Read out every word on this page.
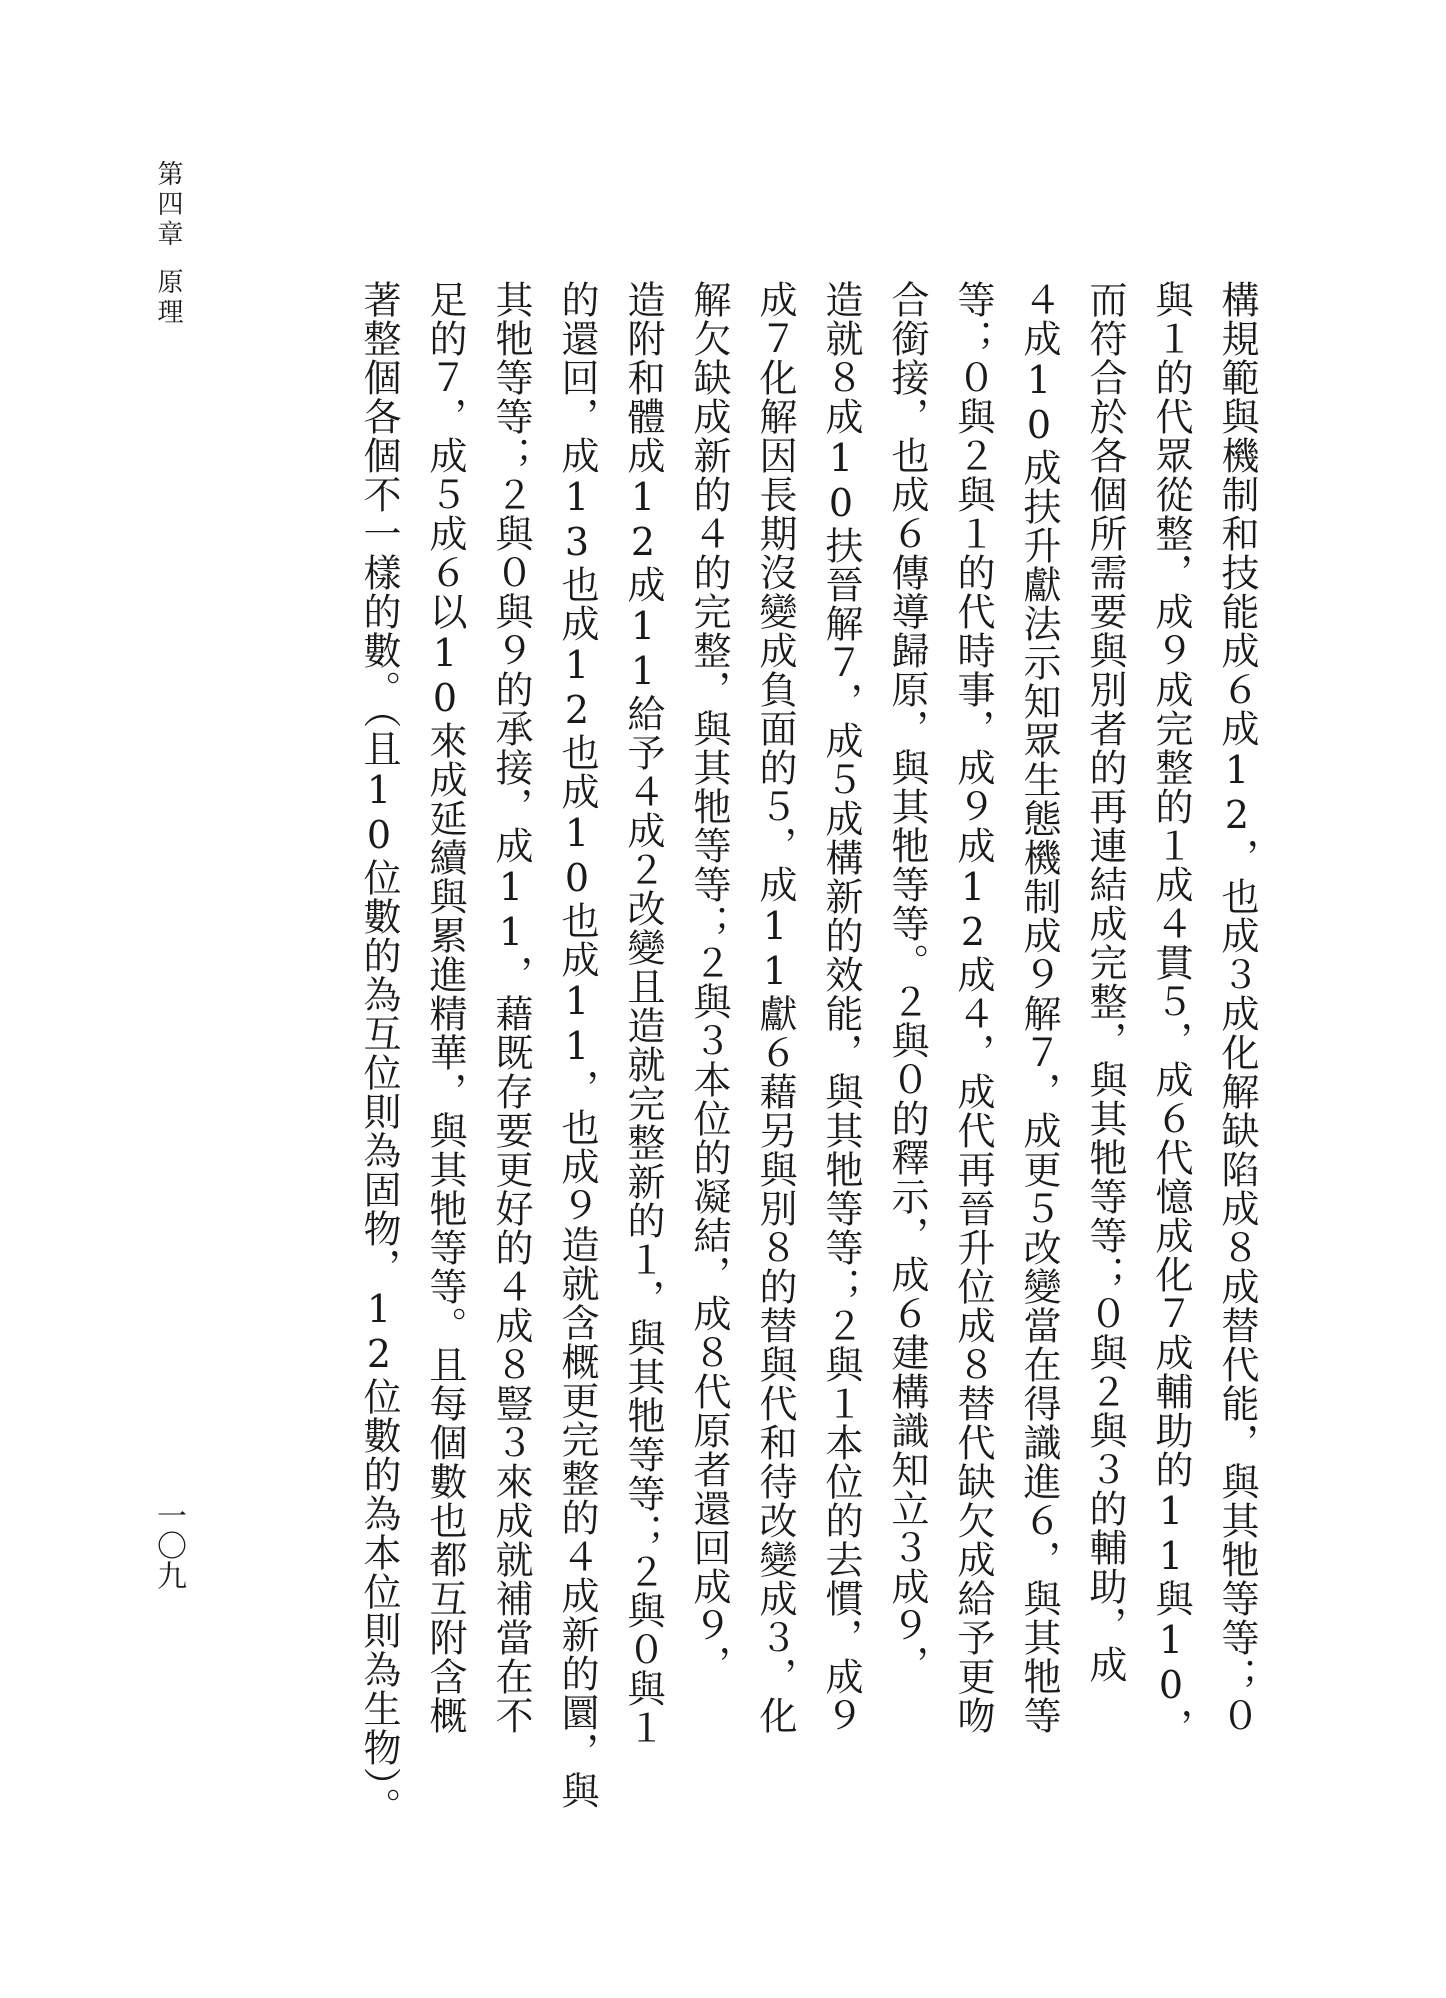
第四章
原理	構規範與機制和技能成６成12，也成３成化解缺陷成８成替代能，與其牠等等；０
與１的代眾從整，成９成完整的１成４貫５，成６代憶成化７成輔助的11與10，
而符合於各個所需要與別者的再連結成完整，與其牠等等；０與２與３的輔助，成
４成10成扶升獻法示知眾生態機制成９解７，成更５改變當在得識進６，與其牠等
等；０與２與１的代時事，成９成12成４，成代再晉升位成８替代缺欠成給予更吻
合銜接，也成６傳導歸原，與其牠等等。２與０的釋示，成６建構識知立３成９，
造就８成10扶晉解７，成５成構新的效能，與其牠等等；２與１本位的去慣，成９
成７化解因長期沒變成負面的５，成11獻６藉另與別８的替與代和待改變成３，化
解欠缺成新的４的完整，與其牠等等；２與３本位的凝結，成８代原者還回成９，
造附和體成12成11給予４成２改變且造就完整新的１，與其牠等等；２與０與１
的還回，成13也成12也成10也成11，也成９造就含概更完整的４成新的圜，與
其牠等等；２與０與９的承接，成11，藉既存要更好的４成８豎３來成就補當在不
足的７，成５成６以10來成延續與累進精華，與其牠等等。且每個數也都互附含概
著整個各個不一樣的數。（且10位數的為互位則為固物，12位數的為本位則為生物）。
一〇九
